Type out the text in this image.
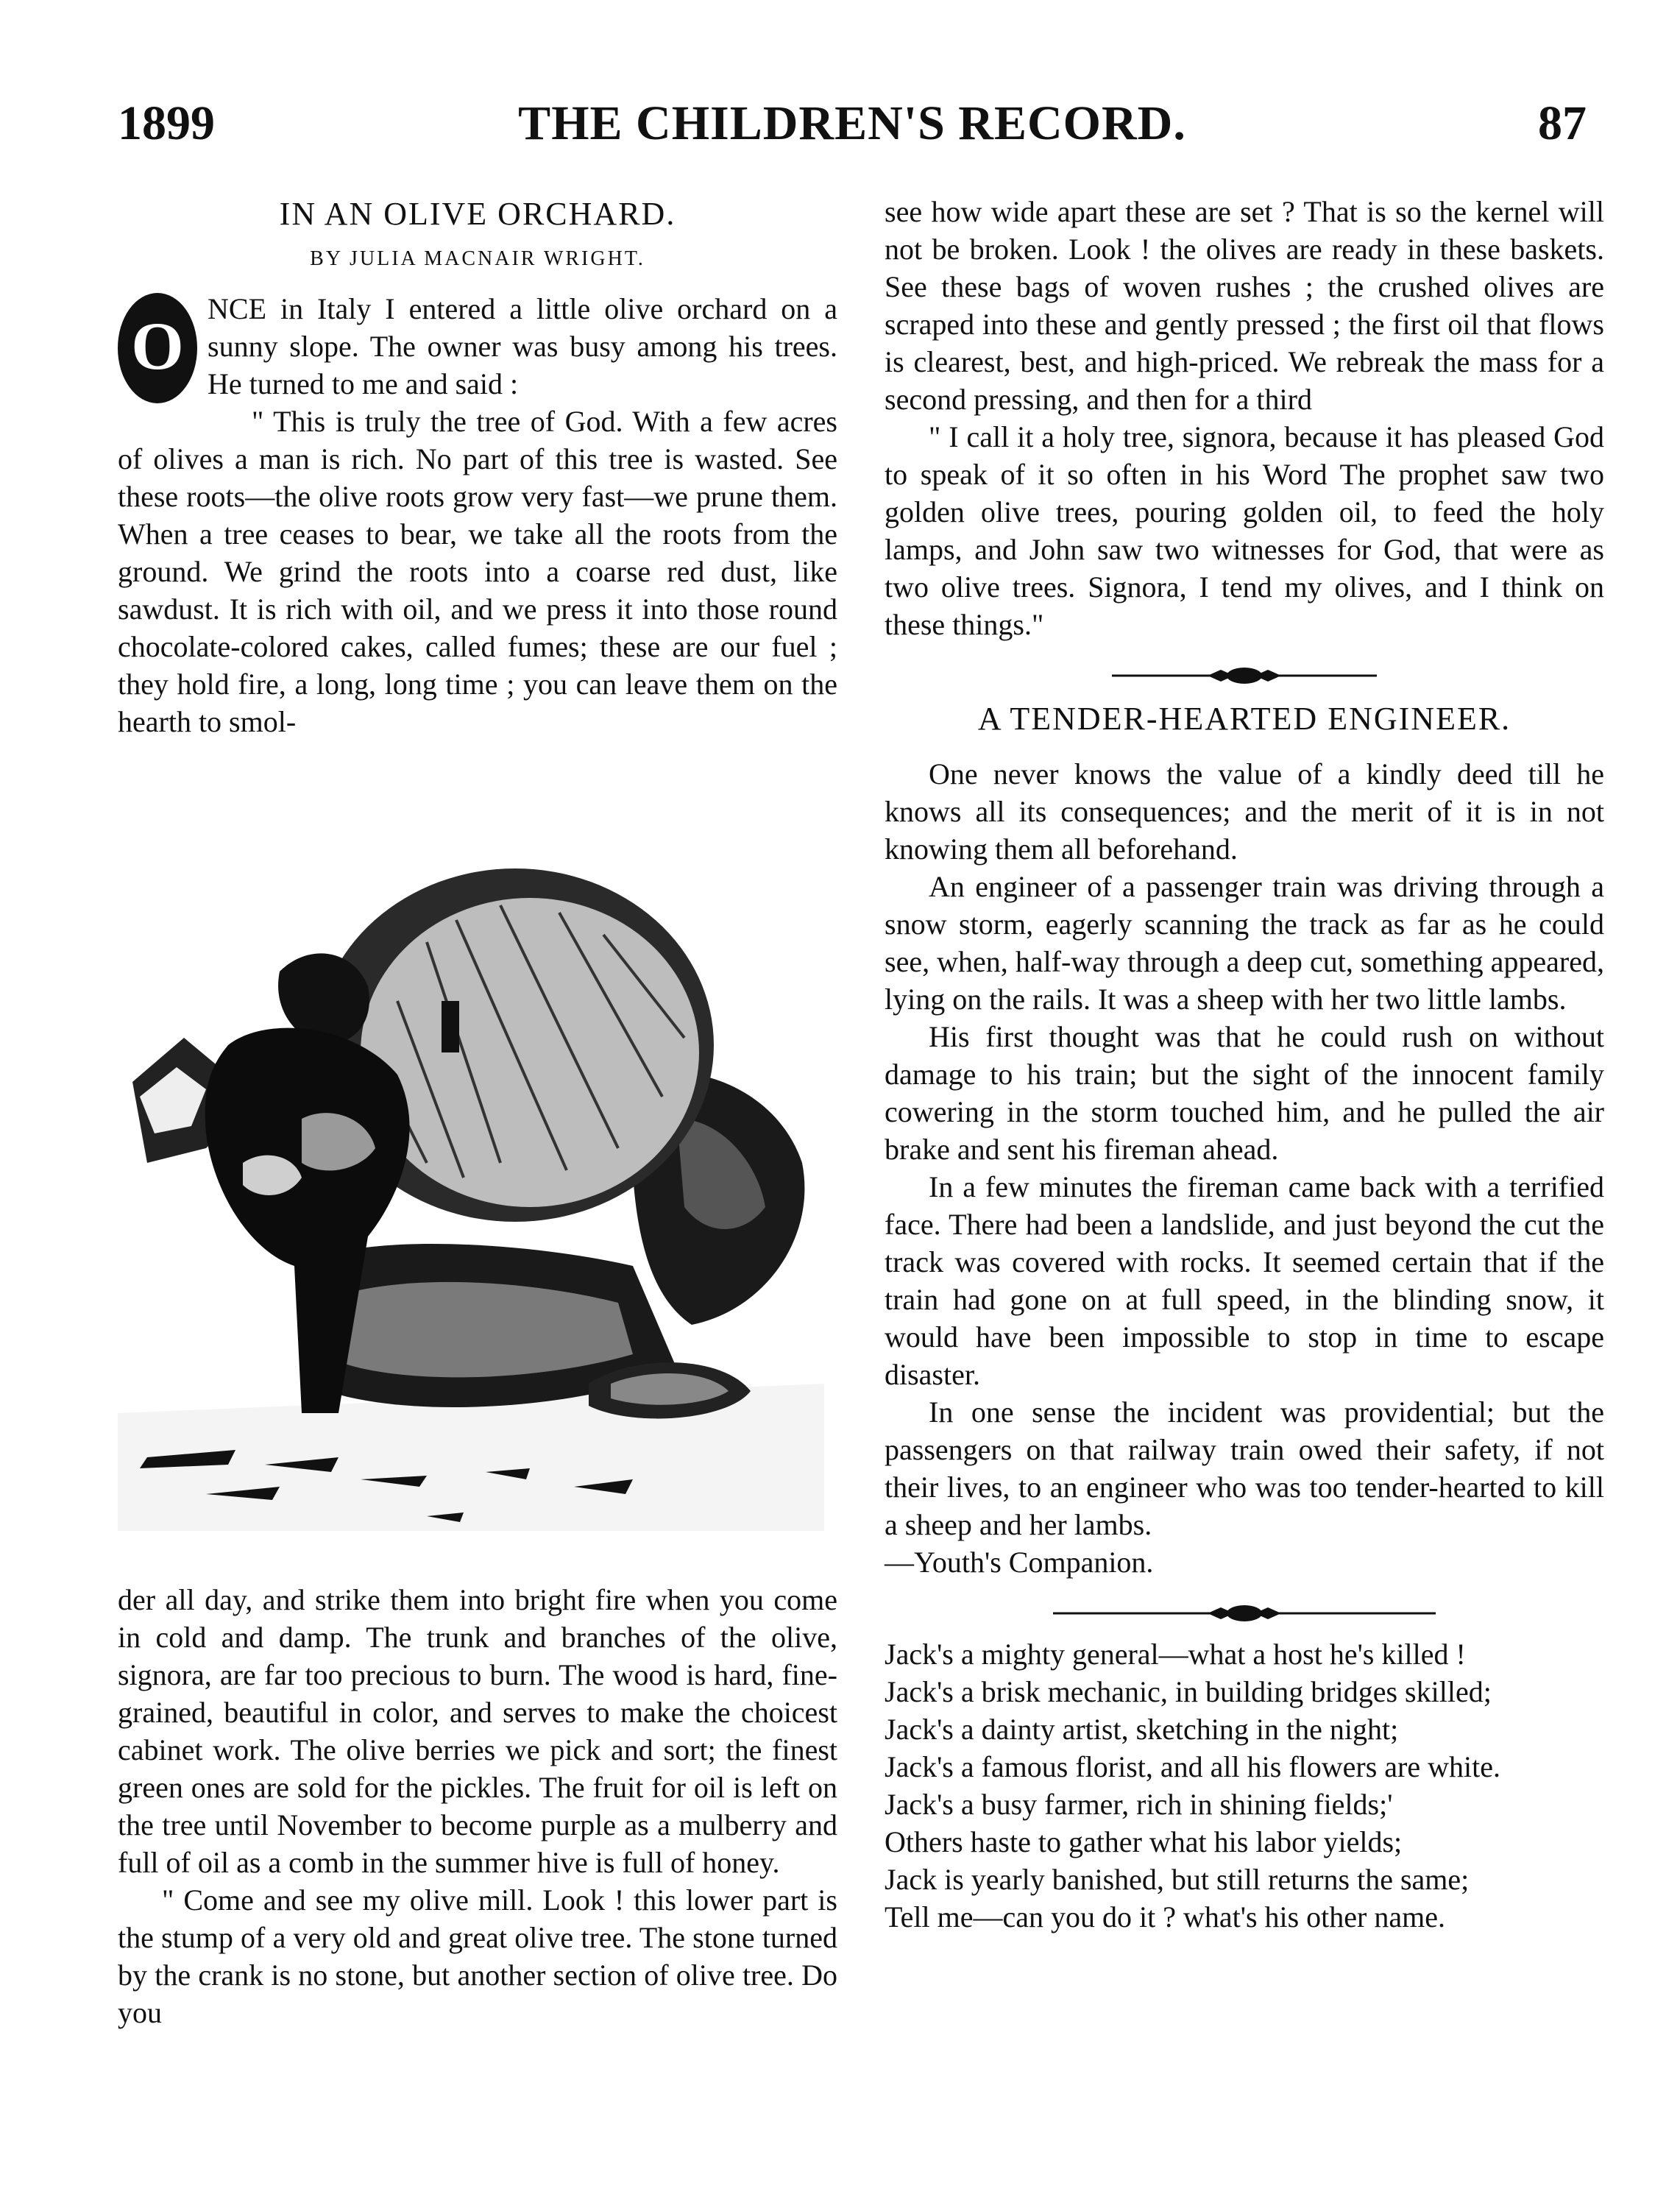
1899	THE CHILDREN'S RECORD.	87
IN AN OLIVE ORCHARD.
BY JULIA MACNAIR WRIGHT.
O NCE in Italy I entered a little olive orchard on a sunny slope. The owner was busy among his trees. He turned to me and said :

" This is truly the tree of God. With a few acres of olives a man is rich. No part of this tree is wasted. See these roots—the olive roots grow very fast—we prune them. When a tree ceases to bear, we take all the roots from the ground. We grind the roots into a coarse red dust, like sawdust. It is rich with oil, and we press it into those round chocolate-colored cakes, called fumes; these are our fuel ; they hold fire, a long, long time ; you can leave them on the hearth to smol-

der all day, and strike them into bright fire when you come in cold and damp. The trunk and branches of the olive, signora, are far too precious to burn. The wood is hard, fine-grained, beautiful in color, and serves to make the choicest cabinet work. The olive berries we pick and sort; the finest green ones are sold for the pickles. The fruit for oil is left on the tree until November to become purple as a mulberry and full of oil as a comb in the summer hive is full of honey.

" Come and see my olive mill. Look ! this lower part is the stump of a very old and great olive tree. The stone turned by the crank is no stone, but another section of olive tree. Do you

see how wide apart these are set ? That is so the kernel will not be broken. Look ! the olives are ready in these baskets. See these bags of woven rushes ; the crushed olives are scraped into these and gently pressed ; the first oil that flows is clearest, best, and high-priced. We rebreak the mass for a second pressing, and then for a third

" I call it a holy tree, signora, because it has pleased God to speak of it so often in his Word The prophet saw two golden olive trees, pouring golden oil, to feed the holy lamps, and John saw two witnesses for God, that were as two olive trees. Signora, I tend my olives, and I think on these things."

A TENDER-HEARTED ENGINEER.

One never knows the value of a kindly deed till he knows all its consequences; and the merit of it is in not knowing them all beforehand.

An engineer of a passenger train was driving through a snow storm, eagerly scanning the track as far as he could see, when, half-way through a deep cut, something appeared, lying on the rails. It was a sheep with her two little lambs.

His first thought was that he could rush on without damage to his train; but the sight of the innocent family cowering in the storm touched him, and he pulled the air brake and sent his fireman ahead.

In a few minutes the fireman came back with a terrified face. There had been a landslide, and just beyond the cut the track was covered with rocks. It seemed certain that if the train had gone on at full speed, in the blinding snow, it would have been impossible to stop in time to escape disaster.

In one sense the incident was providential; but the passengers on that railway train owed their safety, if not their lives, to an engineer who was too tender-hearted to kill a sheep and her lambs.

—Youth's Companion.

Jack's a mighty general—what a host he's killed !

Jack's a brisk mechanic, in building bridges skilled;

Jack's a dainty artist, sketching in the night;

Jack's a famous florist, and all his flowers are white.

Jack's a busy farmer, rich in shining fields;'

Others haste to gather what his labor yields;

Jack is yearly banished, but still returns the same;

Tell me—can you do it ? what's his other name.
